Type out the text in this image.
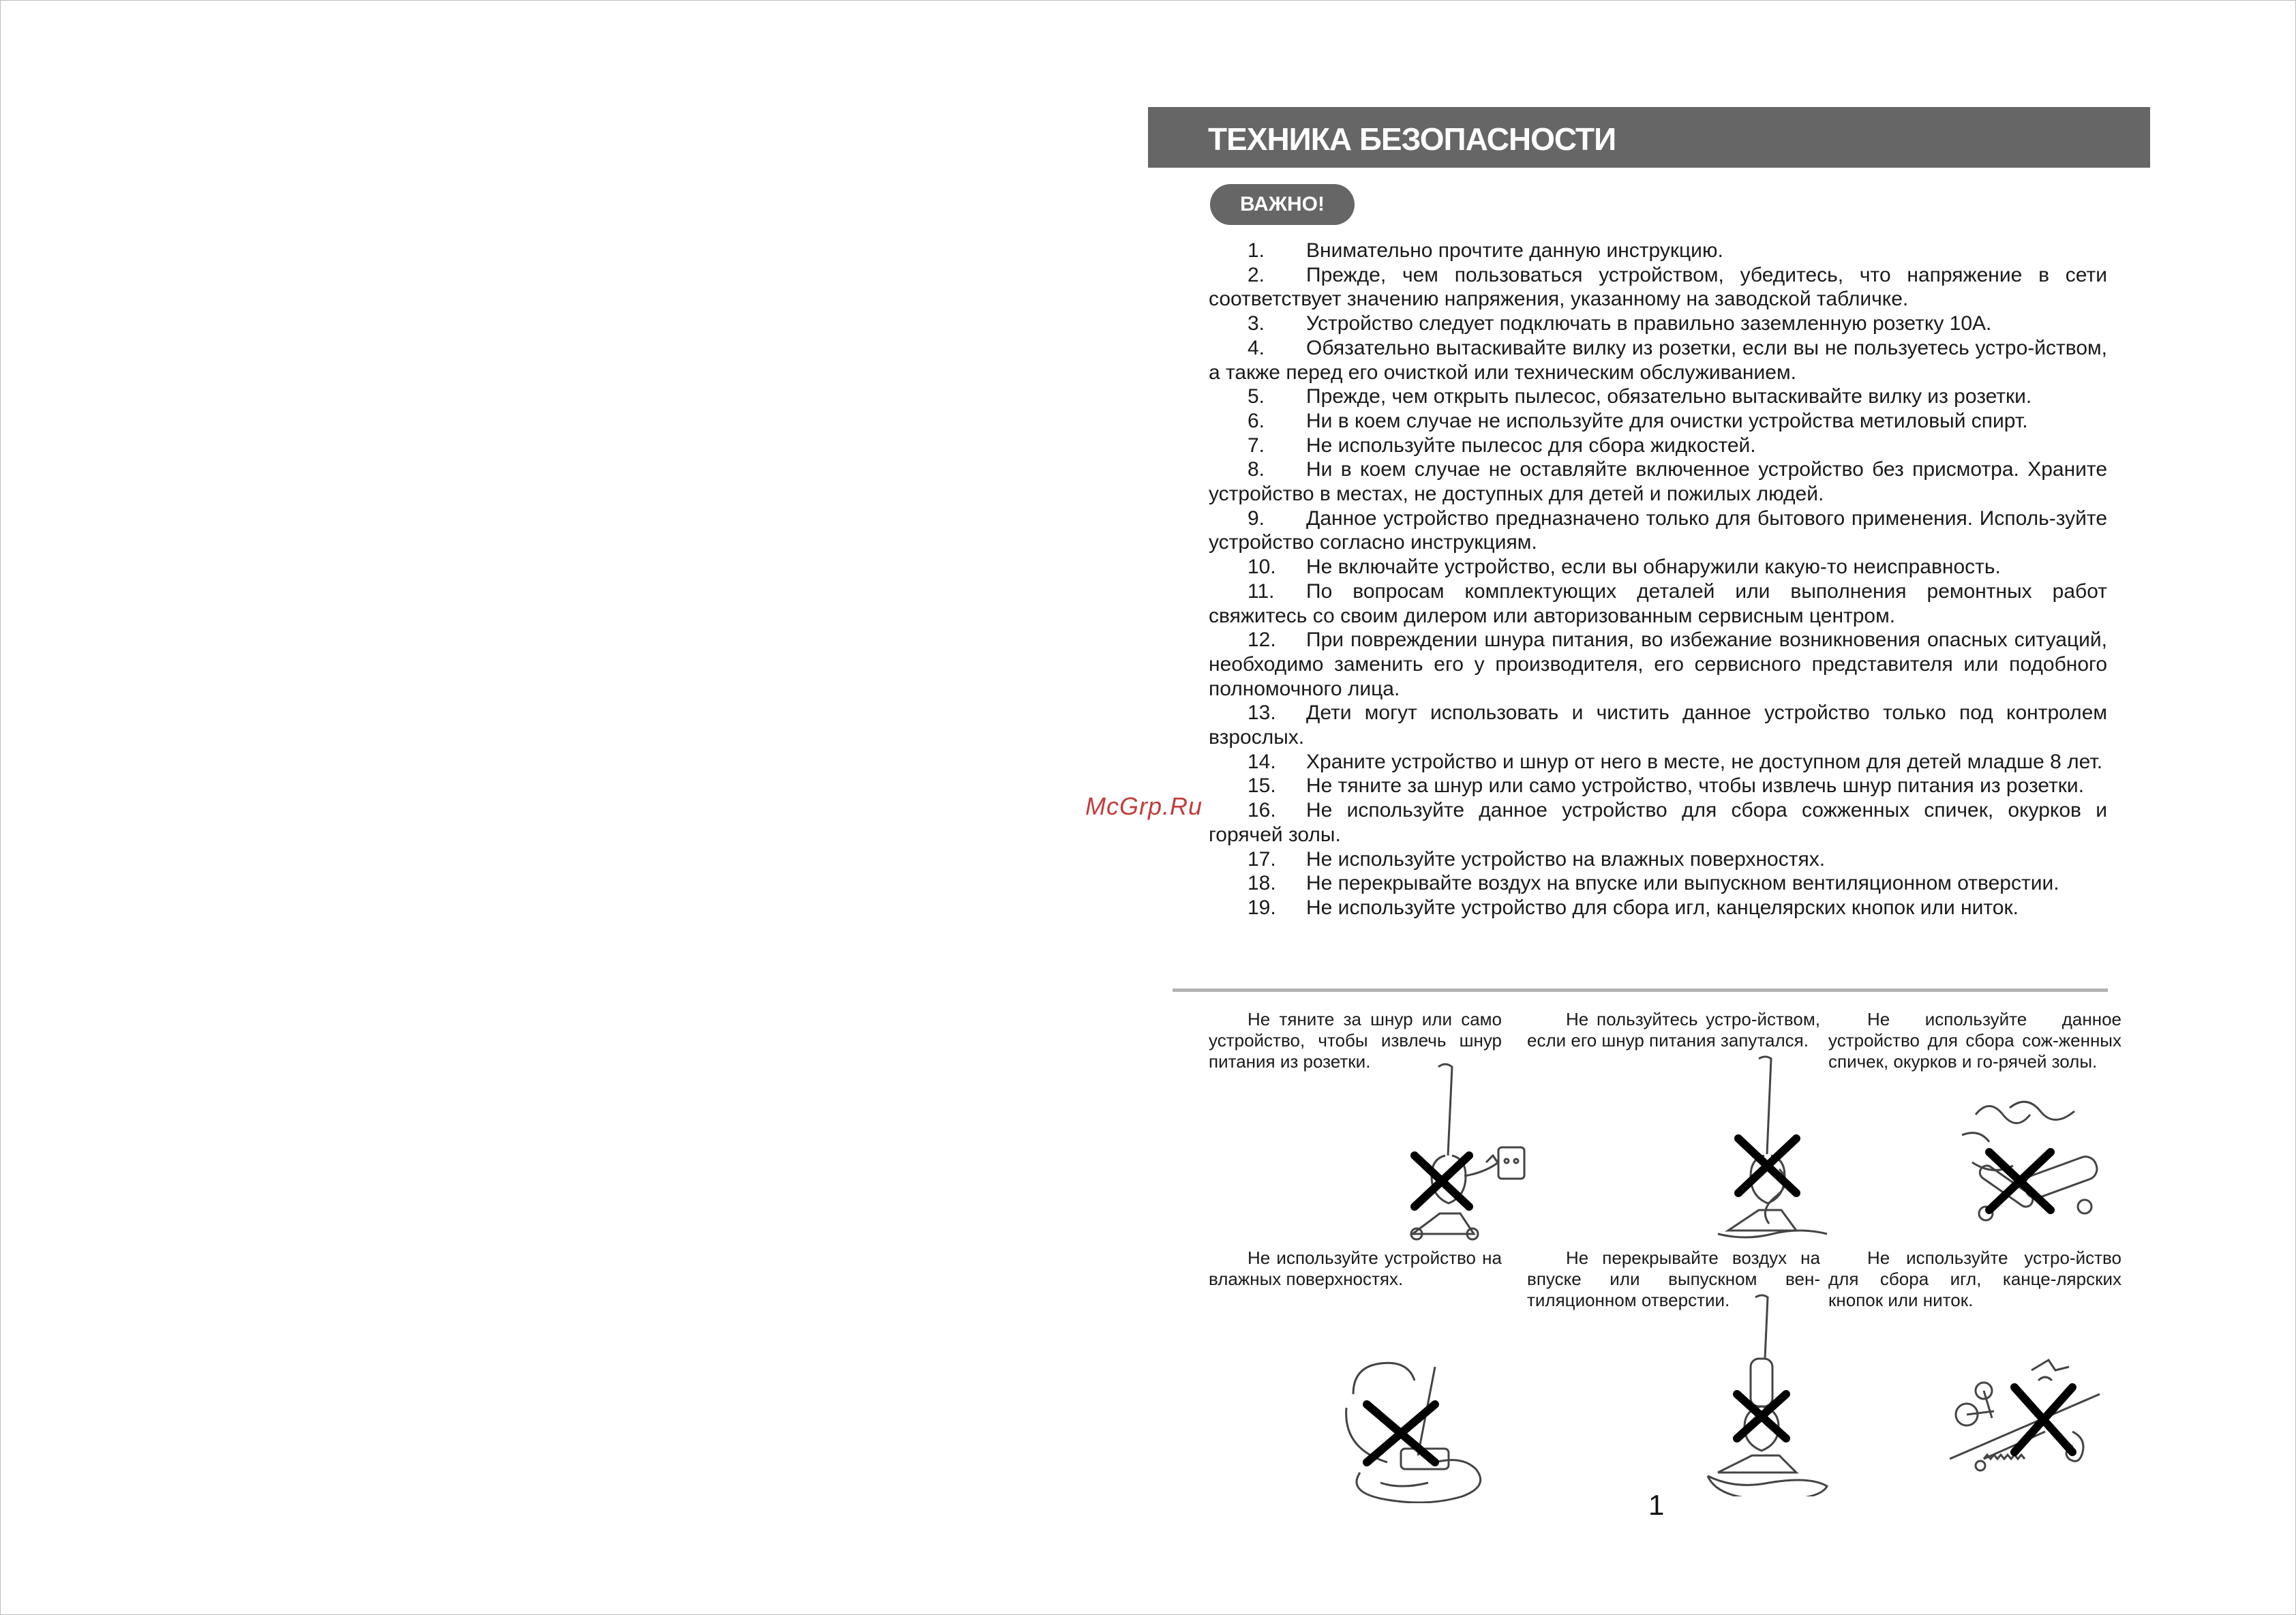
ТЕХНИКА БЕЗОПАСНОСТИ
ВАЖНО!
1. Внимательно прочтите данную инструкцию.
2. Прежде, чем пользоваться устройством, убедитесь, что напряжение в сети соответствует значению напряжения, указанному на заводской табличке.
3. Устройство следует подключать в правильно заземленную розетку 10А.
4. Обязательно вытаскивайте вилку из розетки, если вы не пользуетесь устро-йством, а также перед его очисткой или техническим обслуживанием.
5. Прежде, чем открыть пылесос, обязательно вытаскивайте вилку из розетки.
6. Ни в коем случае не используйте для очистки устройства метиловый спирт.
7. Не используйте пылесос для сбора жидкостей.
8. Ни в коем случае не оставляйте включенное устройство без присмотра. Храните устройство в местах, не доступных для детей и пожилых людей.
9. Данное устройство предназначено только для бытового применения. Исполь-зуйте устройство согласно инструкциям.
10. Не включайте устройство, если вы обнаружили какую-то неисправность.
11. По вопросам комплектующих деталей или выполнения ремонтных работ свяжитесь со своим дилером или авторизованным сервисным центром.
12. При повреждении шнура питания, во избежание возникновения опасных ситуаций, необходимо заменить его у производителя, его сервисного представителя или подобного полномочного лица.
13. Дети могут использовать и чистить данное устройство только под контролем взрослых.
14. Храните устройство и шнур от него в месте, не доступном для детей младше 8 лет.
15. Не тяните за шнур или само устройство, чтобы извлечь шнур питания из розетки.
16. Не используйте данное устройство для сбора сожженных спичек, окурков и горячей золы.
17. Не используйте устройство на влажных поверхностях.
18. Не перекрывайте воздух на впуске или выпускном вентиляционном отверстии.
19. Не используйте устройство для сбора игл, канцелярских кнопок или ниток.
McGrp.Ru

Не тяните за шнур или само устройство, чтобы извлечь шнур питания из розетки.

Не пользуйтесь устро-йством, если его шнур питания запутался.

Не используйте данное устройство для сбора сож-женных спичек, окурков и го-рячей золы.

Не используйте устройство на влажных поверхностях.

Не перекрывайте воздух на впуске или выпускном вен-тиляционном отверстии.

Не используйте устро-йство для сбора игл, канце-лярских кнопок или ниток.

1
